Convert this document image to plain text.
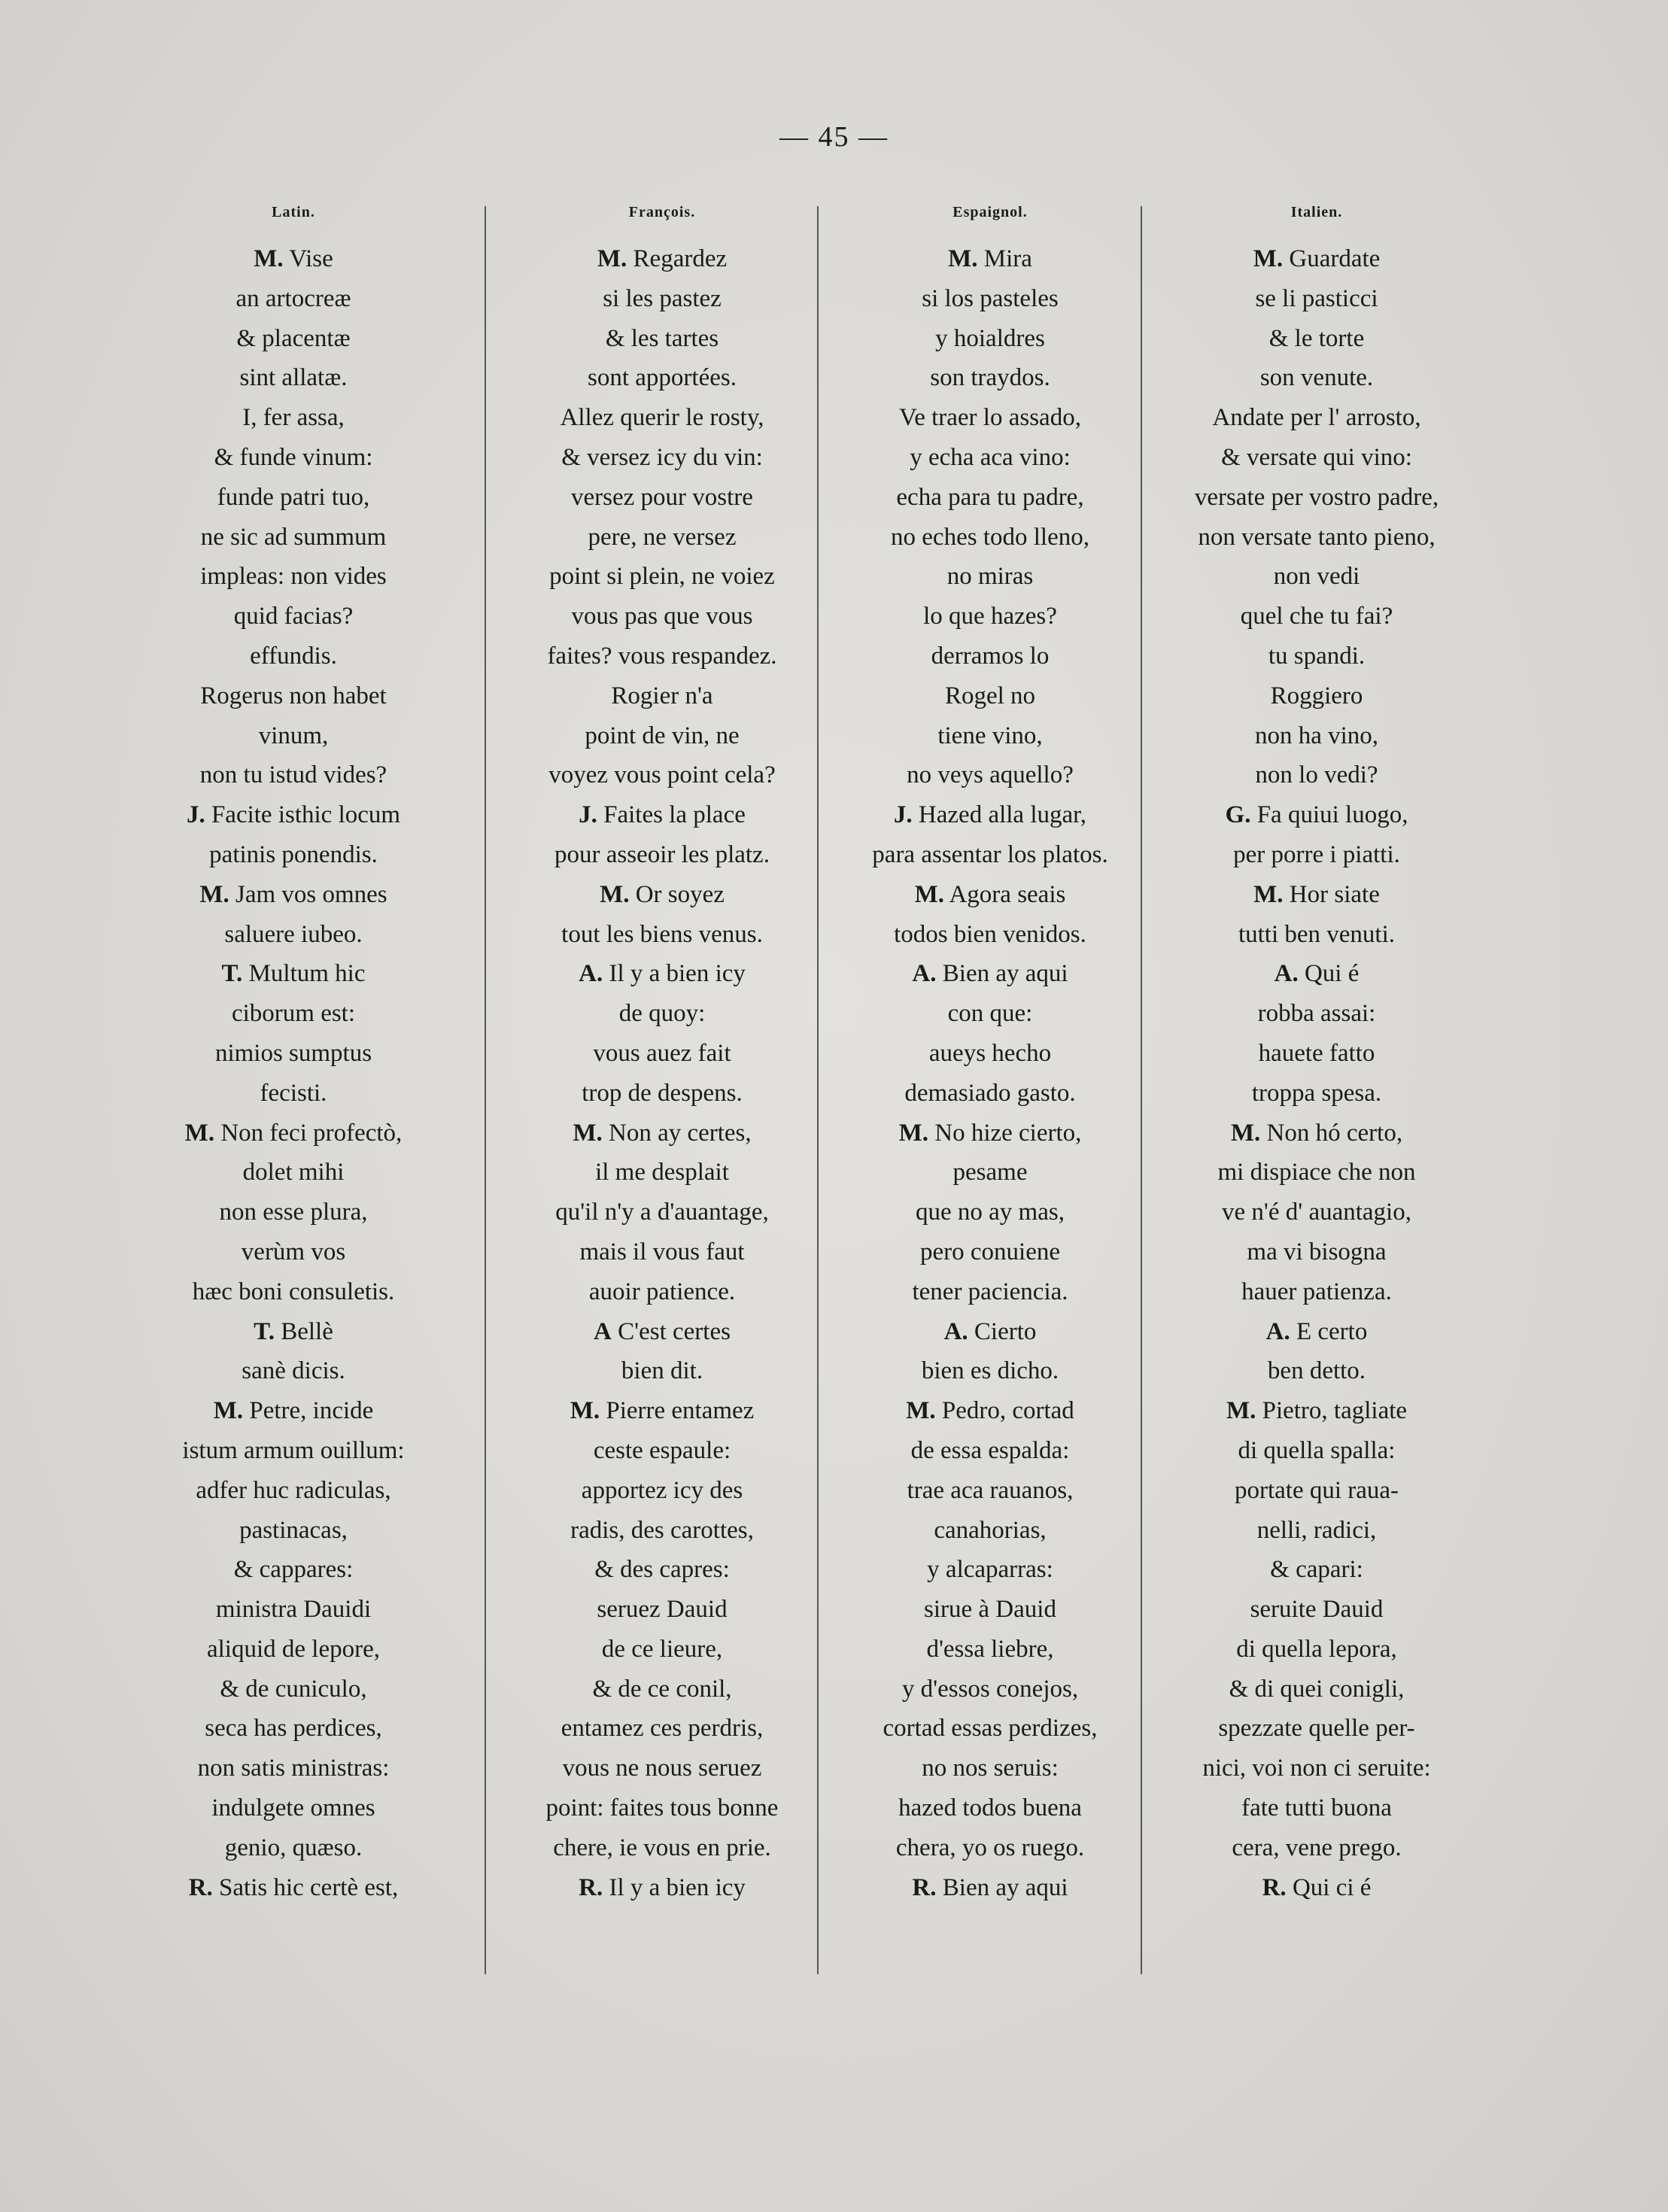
— 45 —
Latin.
M. Vise
an artocreæ
& placentæ
sint allatæ.
I, fer assa,
& funde vinum:
funde patri tuo,
ne sic ad summum
impleas: non vides
quid facias?
effundis.
Rogerus non habet
vinum,
non tu istud vides?
J. Facite isthic locum
patinis ponendis.
M. Jam vos omnes
saluere iubeo.
T. Multum hic
ciborum est:
nimios sumptus
fecisti.
M. Non feci profectò,
dolet mihi
non esse plura,
verùm vos
hæc boni consuletis.
T. Bellè
sanè dicis.
M. Petre, incide
istum armum ouillum:
adfer huc radiculas,
pastinacas,
& cappares:
ministra Dauidi
aliquid de lepore,
& de cuniculo,
seca has perdices,
non satis ministras:
indulgete omnes
genio, quæso.
R. Satis hic certè est,
François.
M. Regardez
si les pastez
& les tartes
sont apportées.
Allez querir le rosty,
& versez icy du vin:
versez pour vostre
pere, ne versez
point si plein, ne voiez
vous pas que vous
faites? vous respandez.
Rogier n'a
point de vin, ne
voyez vous point cela?
J. Faites la place
pour asseoir les platz.
M. Or soyez
tout les biens venus.
A. Il y a bien icy
de quoy:
vous auez fait
trop de despens.
M. Non ay certes,
il me desplait
qu'il n'y a d'auantage,
mais il vous faut
auoir patience.
A C'est certes
bien dit.
M. Pierre entamez
ceste espaule:
apportez icy des
radis, des carottes,
& des capres:
seruez Dauid
de ce lieure,
& de ce conil,
entamez ces perdris,
vous ne nous seruez
point: faites tous bonne
chere, ie vous en prie.
R. Il y a bien icy
Espaignol.
M. Mira
si los pasteles
y hoialdres
son traydos.
Ve traer lo assado,
y echa aca vino:
echa para tu padre,
no eches todo lleno,
no miras
lo que hazes?
derramos lo
Rogel no
tiene vino,
no veys aquello?
J. Hazed alla lugar,
para assentar los platos.
M. Agora seais
todos bien venidos.
A. Bien ay aqui
con que:
aueys hecho
demasiado gasto.
M. No hize cierto,
pesame
que no ay mas,
pero conuiene
tener paciencia.
A. Cierto
bien es dicho.
M. Pedro, cortad
de essa espalda:
trae aca rauanos,
canahorias,
y alcaparras:
sirue à Dauid
d'essa liebre,
y d'essos conejos,
cortad essas perdizes,
no nos seruis:
hazed todos buena
chera, yo os ruego.
R. Bien ay aqui
Italien.
M. Guardate
se li pasticci
& le torte
son venute.
Andate per l' arrosto,
& versate qui vino:
versate per vostro padre,
non versate tanto pieno,
non vedi
quel che tu fai?
tu spandi.
Roggiero
non ha vino,
non lo vedi?
G. Fa quiui luogo,
per porre i piatti.
M. Hor siate
tutti ben venuti.
A. Qui é
robba assai:
hauete fatto
troppa spesa.
M. Non hó certo,
mi dispiace che non
ve n'é d' auantagio,
ma vi bisogna
hauer patienza.
A. E certo
ben detto.
M. Pietro, tagliate
di quella spalla:
portate qui raua-
nelli, radici,
& capari:
seruite Dauid
di quella lepora,
& di quei conigli,
spezzate quelle per-
nici, voi non ci seruite:
fate tutti buona
cera, vene prego.
R. Qui ci é
